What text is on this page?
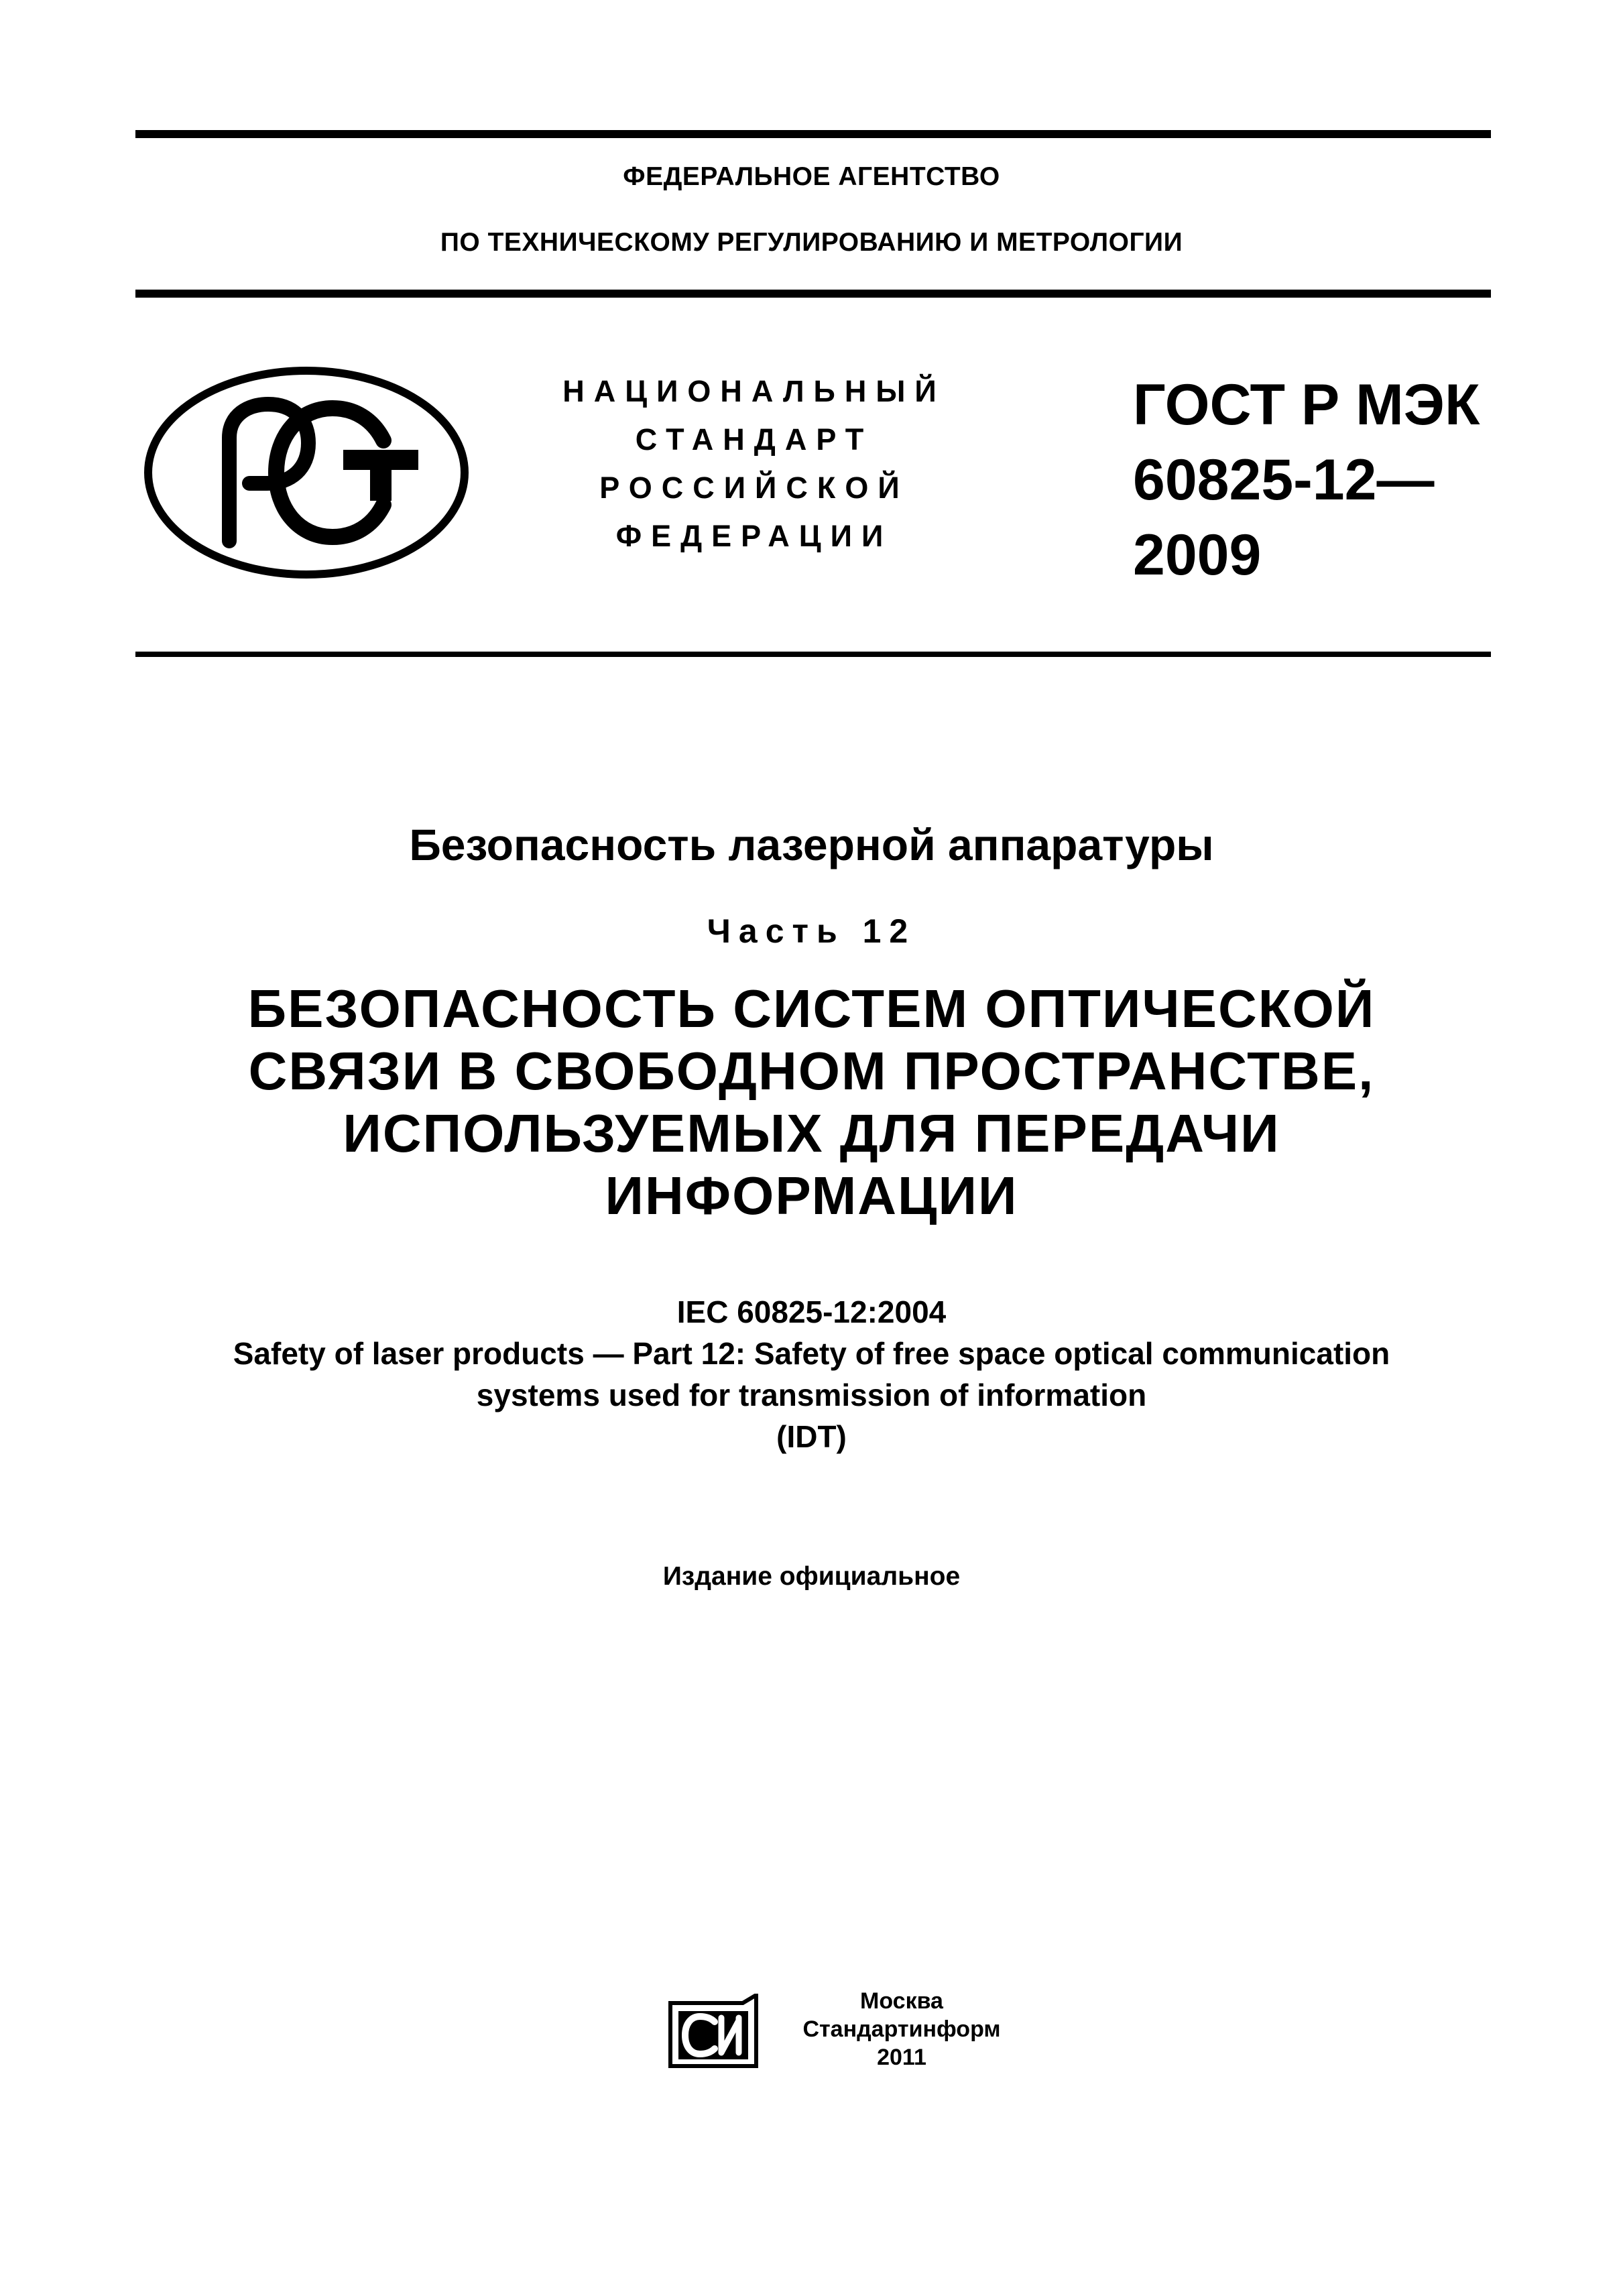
ФЕДЕРАЛЬНОЕ АГЕНТСТВО
ПО ТЕХНИЧЕСКОМУ РЕГУЛИРОВАНИЮ И МЕТРОЛОГИИ
НАЦИОНАЛЬНЫЙ
СТАНДАРТ
РОССИЙСКОЙ
ФЕДЕРАЦИИ
ГОСТ Р МЭК
60825-12—
2009
Безопасность лазерной аппаратуры
Часть 12
БЕЗОПАСНОСТЬ СИСТЕМ ОПТИЧЕСКОЙ
СВЯЗИ В СВОБОДНОМ ПРОСТРАНСТВЕ,
ИСПОЛЬЗУЕМЫХ ДЛЯ ПЕРЕДАЧИ
ИНФОРМАЦИИ
IEC 60825-12:2004
Safety of laser products — Part 12: Safety of free space optical communication
systems used for transmission of information
(IDT)
Издание официальное
Москва
Стандартинформ
2011
